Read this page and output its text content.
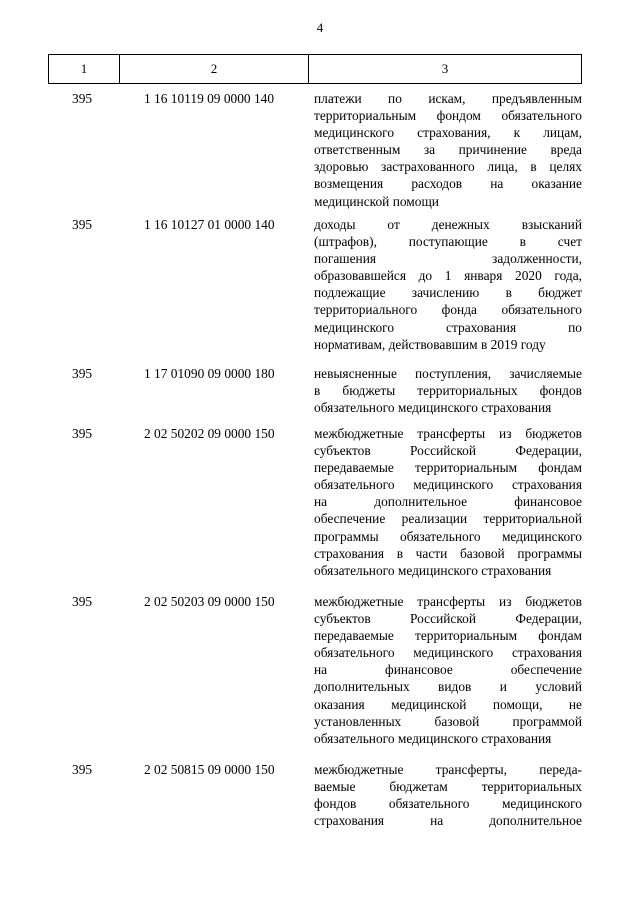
4
1	2	3
395	1 16 10119 09 0000 140	платежи по искам, предъявленным
территориальным фондом обязательного
медицинского страхования, к лицам,
ответственным за причинение вреда
здоровью застрахованного лица, в целях
возмещения расходов на оказание
медицинской помощи
395	1 16 10127 01 0000 140	доходы от денежных взысканий
(штрафов), поступающие в счет
погашения задолженности,
образовавшейся до 1 января 2020 года,
подлежащие зачислению в бюджет
территориального фонда обязательного
медицинского страхования по
нормативам, действовавшим в 2019 году
395	1 17 01090 09 0000 180	невыясненные поступления, зачисляемые
в бюджеты территориальных фондов
обязательного медицинского страхования
395	2 02 50202 09 0000 150	межбюджетные трансферты из бюджетов
субъектов Российской Федерации,
передаваемые территориальным фондам
обязательного медицинского страхования
на дополнительное финансовое
обеспечение реализации территориальной
программы обязательного медицинского
страхования в части базовой программы
обязательного медицинского страхования
395	2 02 50203 09 0000 150	межбюджетные трансферты из бюджетов
субъектов Российской Федерации,
передаваемые территориальным фондам
обязательного медицинского страхования
на финансовое обеспечение
дополнительных видов и условий
оказания медицинской помощи, не
установленных базовой программой
обязательного медицинского страхования
395	2 02 50815 09 0000 150	межбюджетные трансферты, переда-
ваемые бюджетам территориальных
фондов обязательного медицинского
страхования на дополнительное
